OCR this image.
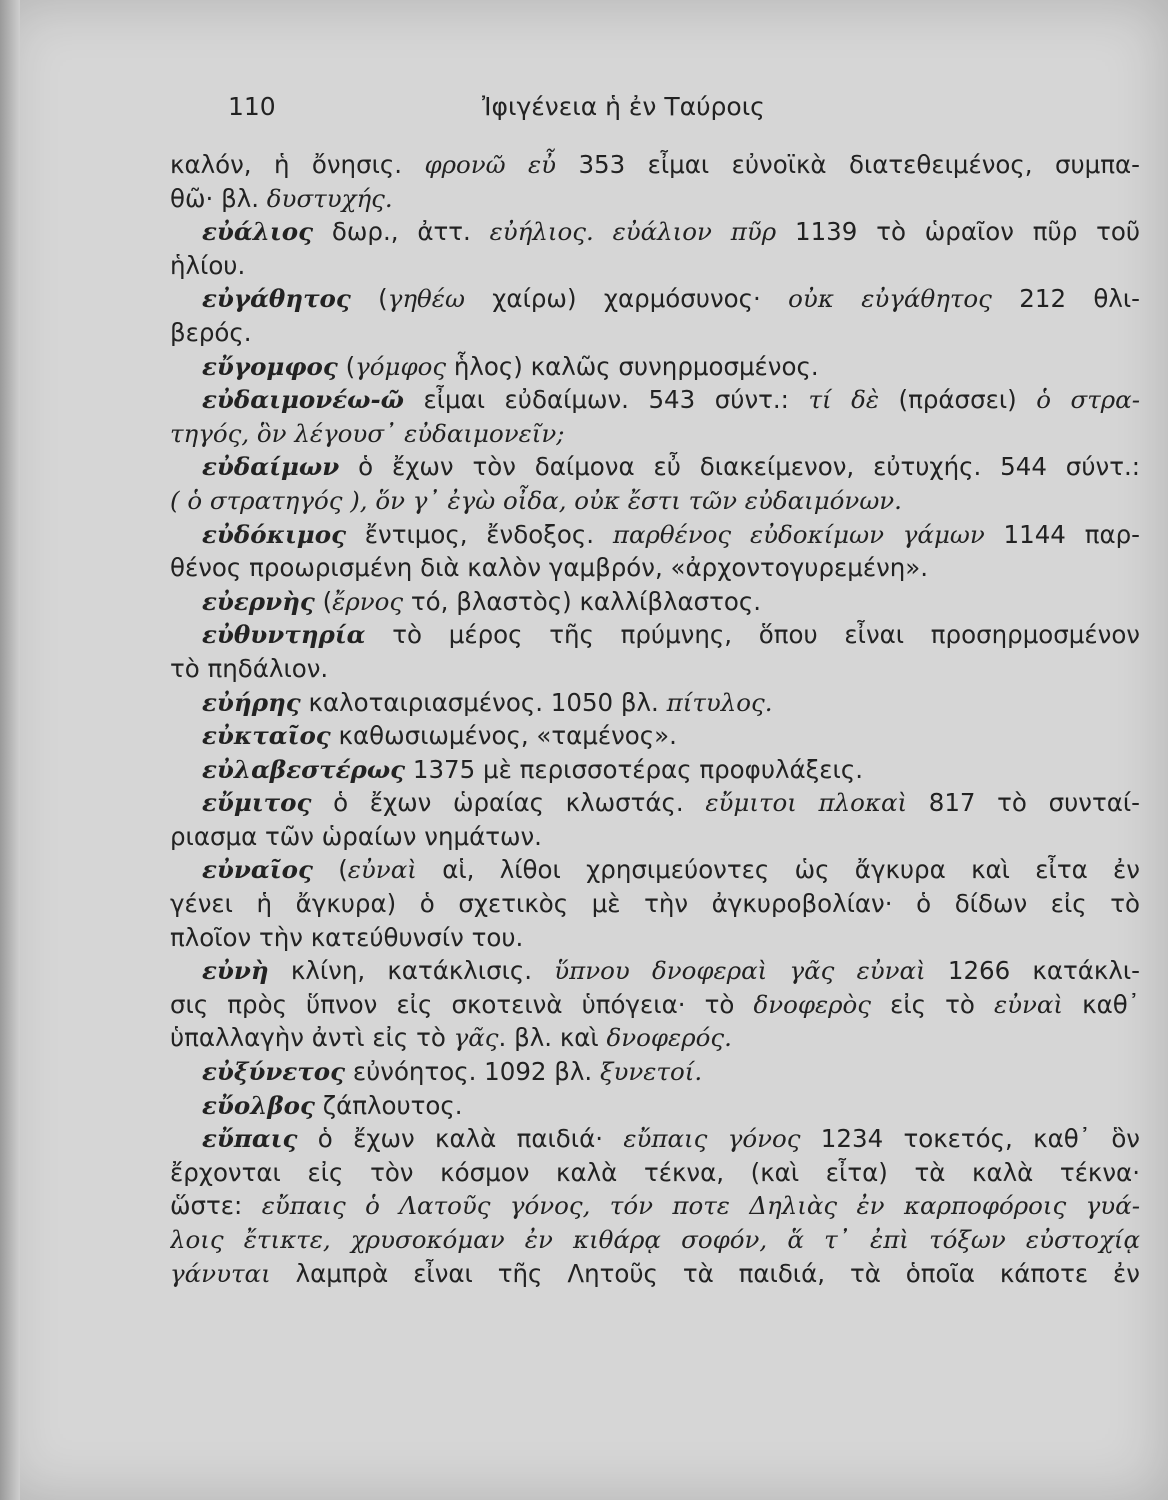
110	Ἰφιγένεια ἡ ἐν Ταύροις
καλόν, ἡ ὄνησις. φρονῶ εὖ 353 εἶμαι εὐνοϊκὰ διατεθειμένος, συμπα-
θῶ· βλ. δυστυχής.
εὐάλιος δωρ., ἀττ. εὐήλιος. εὐάλιον πῦρ 1139 τὸ ὡραῖον πῦρ τοῦ
ἡλίου.
εὐγάθητος (γηθέω χαίρω) χαρμόσυνος· οὐκ εὐγάθητος 212 θλι-
βερός.
εὔγομφος (γόμφος ἧλος) καλῶς συνηρμοσμένος.
εὐδαιμονέω-ῶ εἶμαι εὐδαίμων. 543 σύντ.: τί δὲ (πράσσει) ὁ στρα-
τηγός, ὃν λέγουσ᾽ εὐδαιμονεῖν;
εὐδαίμων ὁ ἔχων τὸν δαίμονα εὖ διακείμενον, εὐτυχής. 544 σύντ.:
( ὁ στρατηγός ), ὅν γ᾽ ἐγὼ οἶδα, οὐκ ἔστι τῶν εὐδαιμόνων.
εὐδόκιμος ἔντιμος, ἔνδοξος. παρθένος εὐδοκίμων γάμων 1144 παρ-
θένος προωρισμένη διὰ καλὸν γαμβρόν, «ἀρχοντογυρεμένη».
εὐερνὴς (ἔρνος τό, βλαστὸς) καλλίβλαστος.
εὐθυντηρία τὸ μέρος τῆς πρύμνης, ὅπου εἶναι προσηρμοσμένον
τὸ πηδάλιον.
εὐήρης καλοταιριασμένος. 1050 βλ. πίτυλος.
εὐκταῖος καθωσιωμένος, «ταμένος».
εὐλαβεστέρως 1375 μὲ περισσοτέρας προφυλάξεις.
εὔμιτος ὁ ἔχων ὡραίας κλωστάς. εὔμιτοι πλοκαὶ 817 τὸ συνταί-
ριασμα τῶν ὡραίων νημάτων.
εὐναῖος (εὐναὶ αἱ, λίθοι χρησιμεύοντες ὡς ἄγκυρα καὶ εἶτα ἐν
γένει ἡ ἄγκυρα) ὁ σχετικὸς μὲ τὴν ἀγκυροβολίαν· ὁ δίδων εἰς τὸ
πλοῖον τὴν κατεύθυνσίν του.
εὐνὴ κλίνη, κατάκλισις. ὕπνου δνοφεραὶ γᾶς εὐναὶ 1266 κατάκλι-
σις πρὸς ὕπνον εἰς σκοτεινὰ ὑπόγεια· τὸ δνοφερὸς εἰς τὸ εὐναὶ καθ᾽
ὑπαλλαγὴν ἀντὶ εἰς τὸ γᾶς. βλ. καὶ δνοφερός.
εὐξύνετος εὐνόητος. 1092 βλ. ξυνετοί.
εὔολβος ζάπλουτος.
εὔπαις ὁ ἔχων καλὰ παιδιά· εὔπαις γόνος 1234 τοκετός, καθ᾽ ὃν
ἔρχονται εἰς τὸν κόσμον καλὰ τέκνα, (καὶ εἶτα) τὰ καλὰ τέκνα·
ὥστε: εὔπαις ὁ Λατοῦς γόνος, τόν ποτε Δηλιὰς ἐν καρποφόροις γυά-
λοις ἔτικτε, χρυσοκόμαν ἐν κιθάρᾳ σοφόν, ἅ τ᾽ ἐπὶ τόξων εὐστοχίᾳ
γάνυται λαμπρὰ εἶναι τῆς Λητοῦς τὰ παιδιά, τὰ ὁποῖα κάποτε ἐν
